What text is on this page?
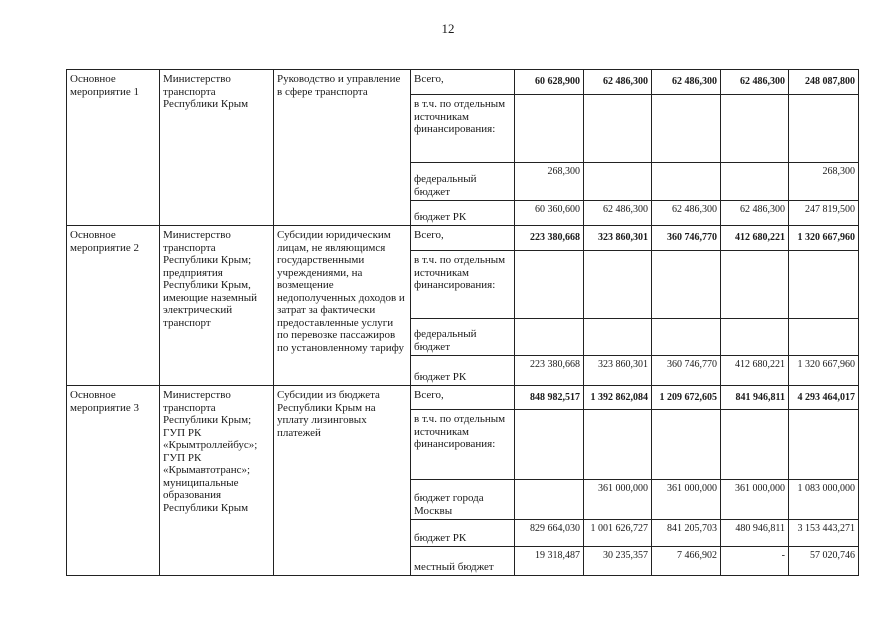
12
Основное мероприятие 1	Министерство транспорта Республики Крым	Руководство и управление в сфере транспорта	Всего,	60 628,900	62 486,300	62 486,300	62 486,300	248 087,800
			в т.ч. по отдельным источникам финансирования:					
			федеральный бюджет	268,300				268,300
			бюджет РК	60 360,600	62 486,300	62 486,300	62 486,300	247 819,500
Основное мероприятие 2	Министерство транспорта Республики Крым; предприятия Республики Крым, имеющие наземный электрический транспорт	Субсидии юридическим лицам, не являющимся государственными учреждениями, на возмещение недополученных доходов и затрат за фактически предоставленные услуги по перевозке пассажиров по установленному тарифу	Всего,	223 380,668	323 860,301	360 746,770	412 680,221	1 320 667,960
			в т.ч. по отдельным источникам финансирования:					
			федеральный бюджет					
			бюджет РК	223 380,668	323 860,301	360 746,770	412 680,221	1 320 667,960
Основное мероприятие 3	Министерство транспорта Республики Крым; ГУП РК «Крымтроллейбус»; ГУП РК «Крымавтотранс»; муниципальные образования Республики Крым	Субсидии из бюджета Республики Крым на уплату лизинговых платежей	Всего,	848 982,517	1 392 862,084	1 209 672,605	841 946,811	4 293 464,017
			в т.ч. по отдельным источникам финансирования:					
			бюджет города Москвы		361 000,000	361 000,000	361 000,000	1 083 000,000
			бюджет РК	829 664,030	1 001 626,727	841 205,703	480 946,811	3 153 443,271
			местный бюджет	19 318,487	30 235,357	7 466,902	-	57 020,746
